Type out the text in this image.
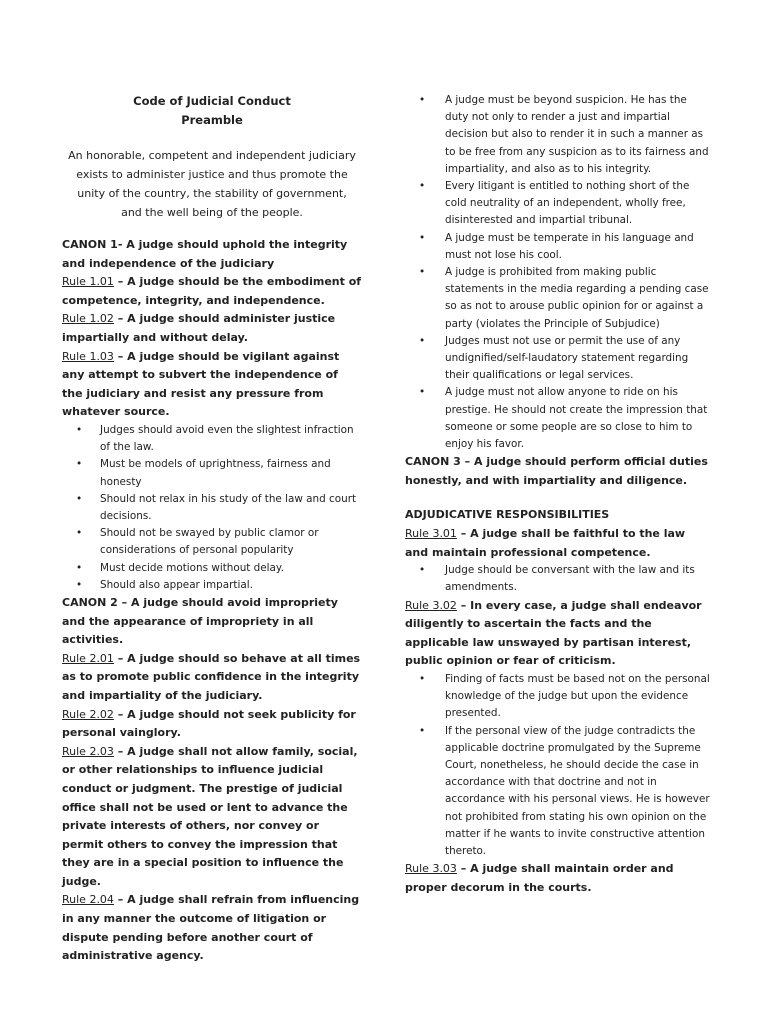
Code of Judicial Conduct
Preamble
An honorable, competent and independent judiciary exists to administer justice and thus promote the unity of the country, the stability of government, and the well being of the people.
CANON 1- A judge should uphold the integrity and independence of the judiciary
Rule 1.01 – A judge should be the embodiment of competence, integrity, and independence.
Rule 1.02 – A judge should administer justice impartially and without delay.
Rule 1.03 – A judge should be vigilant against any attempt to subvert the independence of the judiciary and resist any pressure from whatever source.
• Judges should avoid even the slightest infraction of the law.
• Must be models of uprightness, fairness and honesty
• Should not relax in his study of the law and court decisions.
• Should not be swayed by public clamor or considerations of personal popularity
• Must decide motions without delay.
• Should also appear impartial.
CANON 2 – A judge should avoid impropriety and the appearance of impropriety in all activities.
Rule 2.01 – A judge should so behave at all times as to promote public confidence in the integrity and impartiality of the judiciary.
Rule 2.02 – A judge should not seek publicity for personal vainglory.
Rule 2.03 – A judge shall not allow family, social, or other relationships to influence judicial conduct or judgment. The prestige of judicial office shall not be used or lent to advance the private interests of others, nor convey or permit others to convey the impression that they are in a special position to influence the judge.
Rule 2.04 – A judge shall refrain from influencing in any manner the outcome of litigation or dispute pending before another court of administrative agency.
• A judge must be beyond suspicion. He has the duty not only to render a just and impartial decision but also to render it in such a manner as to be free from any suspicion as to its fairness and impartiality, and also as to his integrity.
• Every litigant is entitled to nothing short of the cold neutrality of an independent, wholly free, disinterested and impartial tribunal.
• A judge must be temperate in his language and must not lose his cool.
• A judge is prohibited from making public statements in the media regarding a pending case so as not to arouse public opinion for or against a party (violates the Principle of Subjudice)
• Judges must not use or permit the use of any undignified/self-laudatory statement regarding their qualifications or legal services.
• A judge must not allow anyone to ride on his prestige. He should not create the impression that someone or some people are so close to him to enjoy his favor.
CANON 3 – A judge should perform official duties honestly, and with impartiality and diligence.
ADJUDICATIVE RESPONSIBILITIES
Rule 3.01 – A judge shall be faithful to the law and maintain professional competence.
• Judge should be conversant with the law and its amendments.
Rule 3.02 – In every case, a judge shall endeavor diligently to ascertain the facts and the applicable law unswayed by partisan interest, public opinion or fear of criticism.
• Finding of facts must be based not on the personal knowledge of the judge but upon the evidence presented.
• If the personal view of the judge contradicts the applicable doctrine promulgated by the Supreme Court, nonetheless, he should decide the case in accordance with that doctrine and not in accordance with his personal views. He is however not prohibited from stating his own opinion on the matter if he wants to invite constructive attention thereto.
Rule 3.03 – A judge shall maintain order and proper decorum in the courts.
